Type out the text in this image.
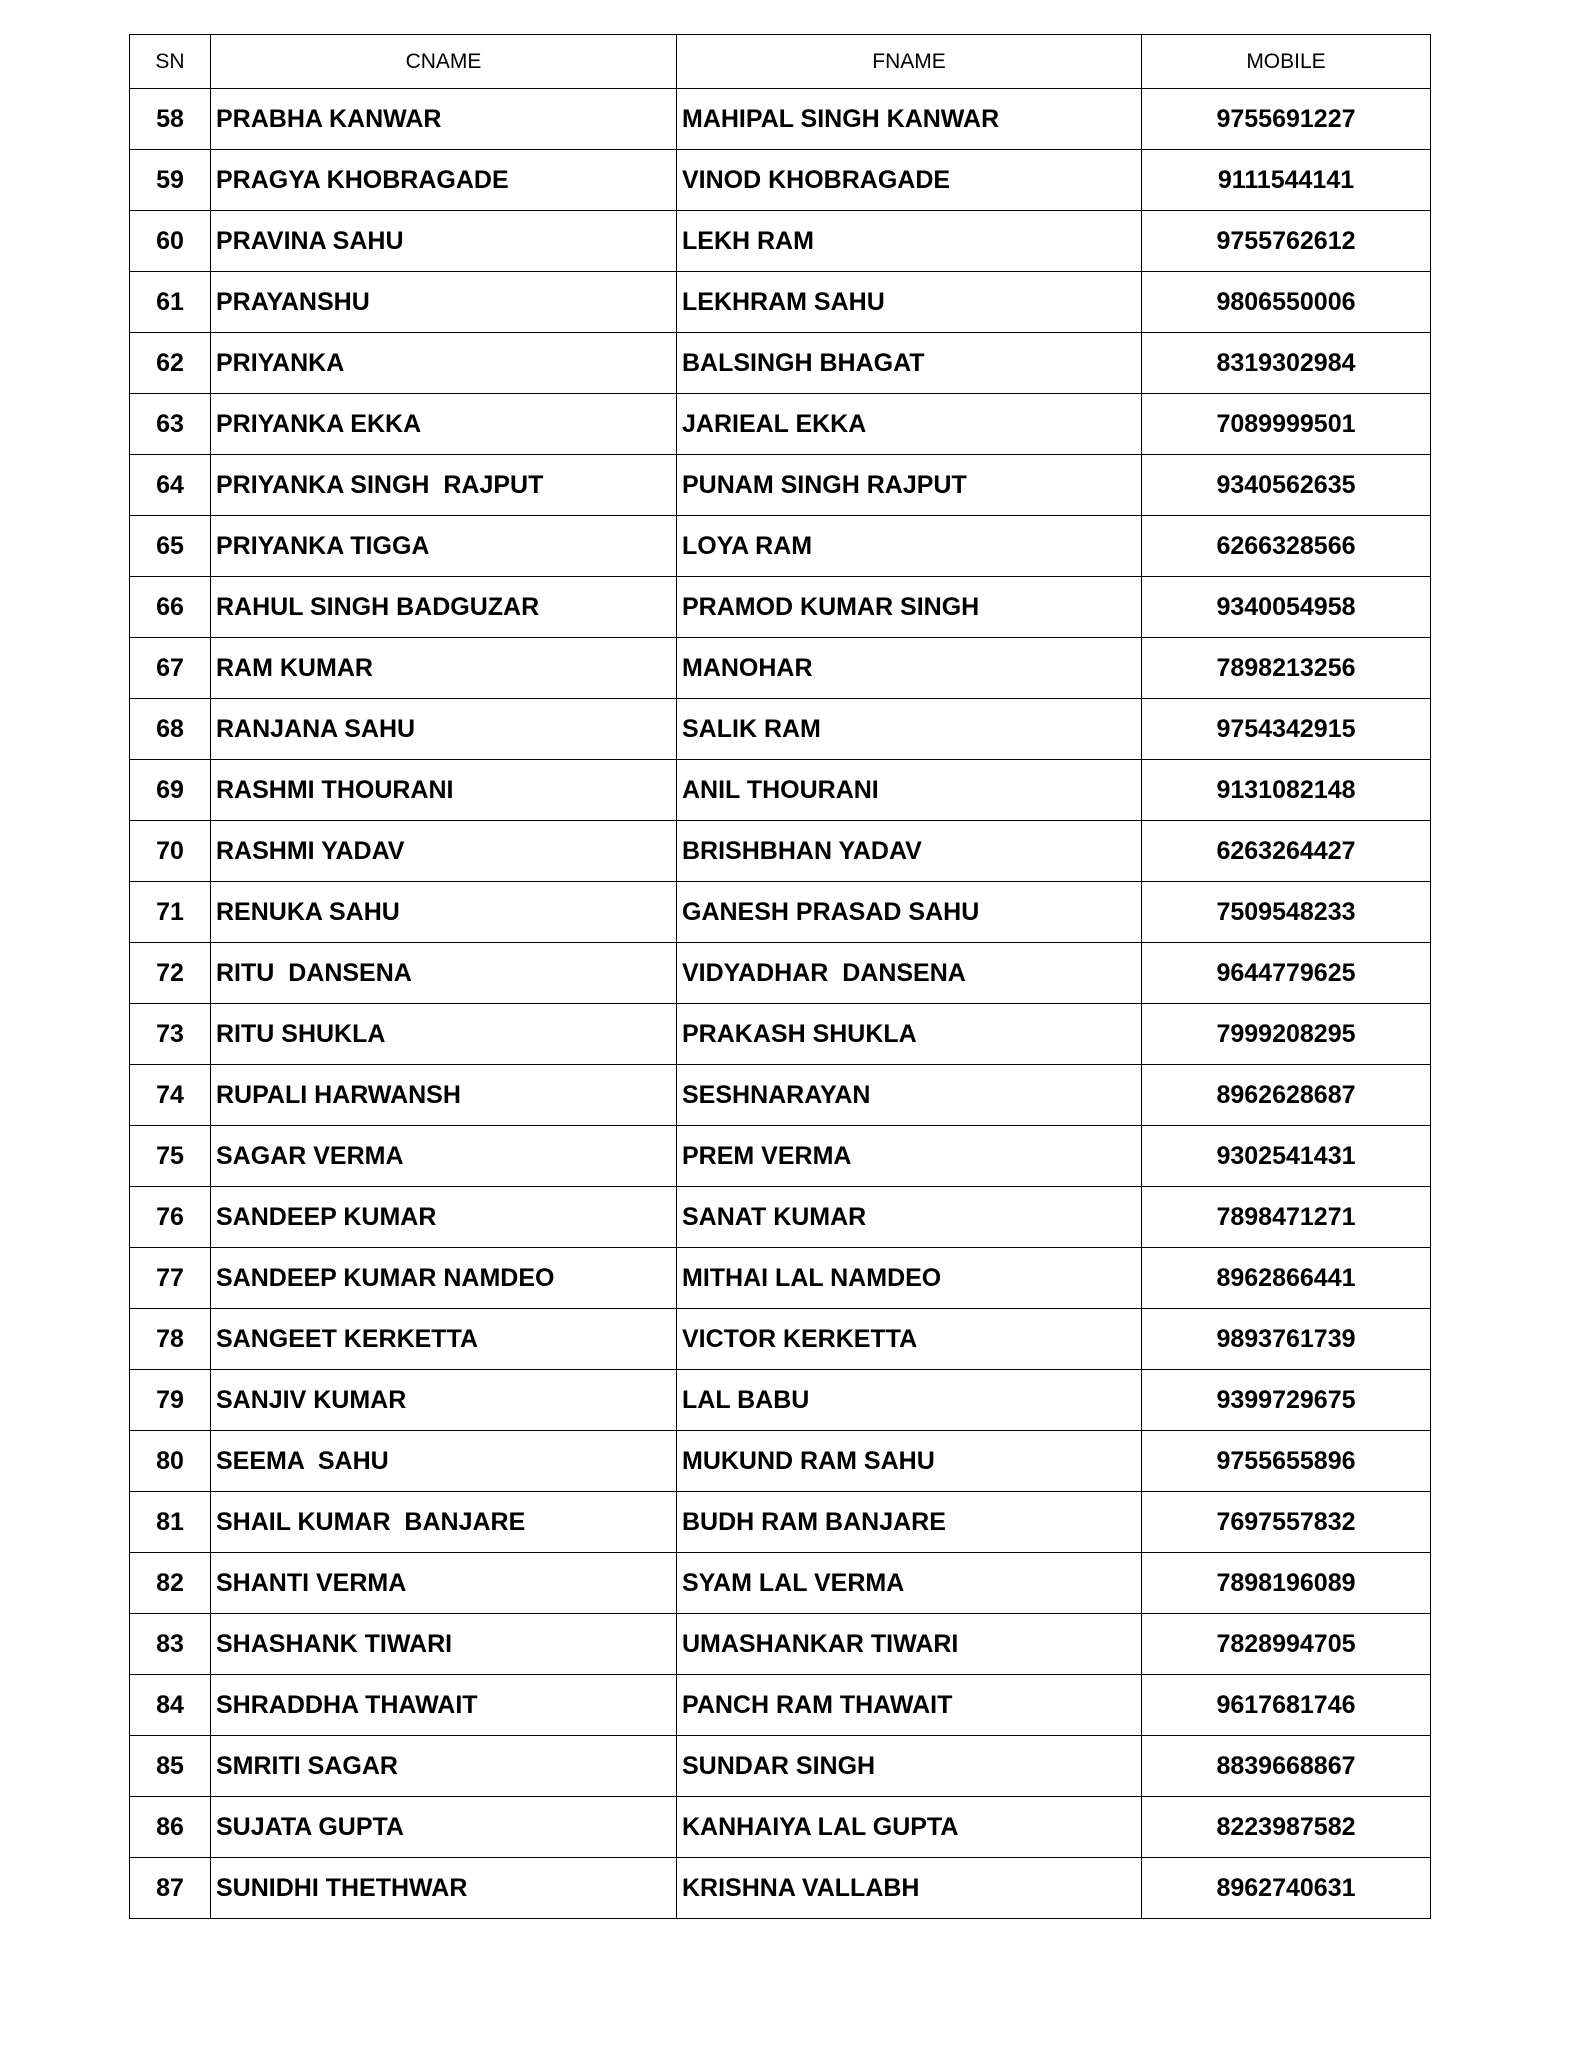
SN	CNAME	FNAME	MOBILE
58	PRABHA KANWAR	MAHIPAL SINGH KANWAR	9755691227
59	PRAGYA KHOBRAGADE	VINOD KHOBRAGADE	9111544141
60	PRAVINA SAHU	LEKH RAM	9755762612
61	PRAYANSHU	LEKHRAM SAHU	9806550006
62	PRIYANKA	BALSINGH BHAGAT	8319302984
63	PRIYANKA EKKA	JARIEAL EKKA	7089999501
64	PRIYANKA SINGH  RAJPUT	PUNAM SINGH RAJPUT	9340562635
65	PRIYANKA TIGGA	LOYA RAM	6266328566
66	RAHUL SINGH BADGUZAR	PRAMOD KUMAR SINGH	9340054958
67	RAM KUMAR	MANOHAR	7898213256
68	RANJANA SAHU	SALIK RAM	9754342915
69	RASHMI THOURANI	ANIL THOURANI	9131082148
70	RASHMI YADAV	BRISHBHAN YADAV	6263264427
71	RENUKA SAHU	GANESH PRASAD SAHU	7509548233
72	RITU  DANSENA	VIDYADHAR  DANSENA	9644779625
73	RITU SHUKLA	PRAKASH SHUKLA	7999208295
74	RUPALI HARWANSH	SESHNARAYAN	8962628687
75	SAGAR VERMA	PREM VERMA	9302541431
76	SANDEEP KUMAR	SANAT KUMAR	7898471271
77	SANDEEP KUMAR NAMDEO	MITHAI LAL NAMDEO	8962866441
78	SANGEET KERKETTA	VICTOR KERKETTA	9893761739
79	SANJIV KUMAR	LAL BABU	9399729675
80	SEEMA  SAHU	MUKUND RAM SAHU	9755655896
81	SHAIL KUMAR  BANJARE	BUDH RAM BANJARE	7697557832
82	SHANTI VERMA	SYAM LAL VERMA	7898196089
83	SHASHANK TIWARI	UMASHANKAR TIWARI	7828994705
84	SHRADDHA THAWAIT	PANCH RAM THAWAIT	9617681746
85	SMRITI SAGAR	SUNDAR SINGH	8839668867
86	SUJATA GUPTA	KANHAIYA LAL GUPTA	8223987582
87	SUNIDHI THETHWAR	KRISHNA VALLABH	8962740631
